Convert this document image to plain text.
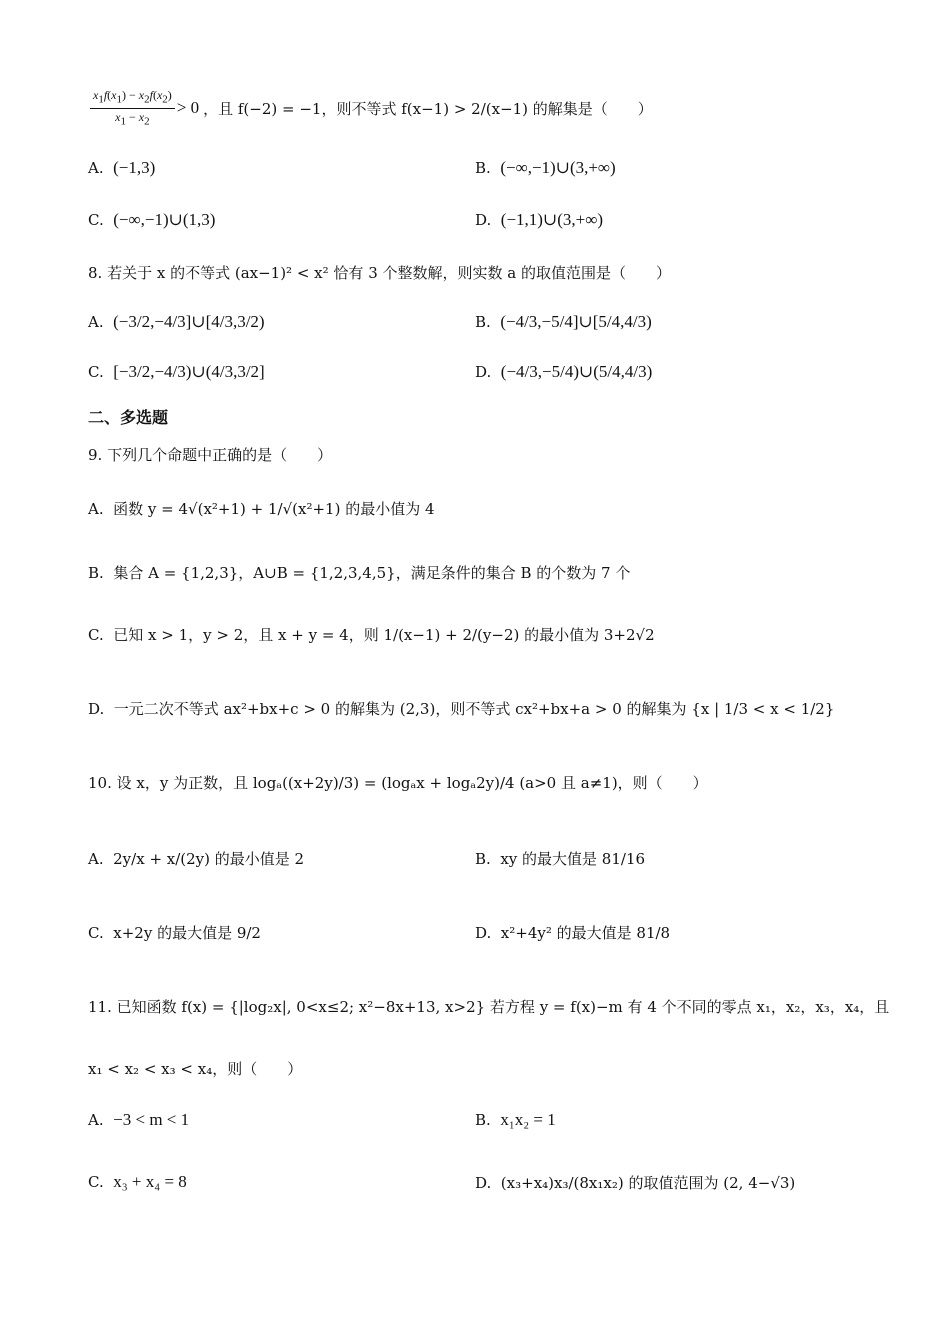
$\frac{x_1f(x_1) - x_2f(x_2)}{x_1 - x_2} > 0$ ，且 f(−2) = −1，则不等式 f(x−1) > 2/(x−1) 的解集是（　　）
A. (−1,3)	B. (−∞,−1)∪(3,+∞)
C. (−∞,−1)∪(1,3)	D. (−1,1)∪(3,+∞)
8. 若关于 x 的不等式 (ax−1)² < x² 恰有 3 个整数解，则实数 a 的取值范围是（　　）
A. (−3/2,−4/3]∪[4/3,3/2)	B. (−4/3,−5/4]∪[5/4,4/3)
C. [−3/2,−4/3)∪(4/3,3/2]	D. (−4/3,−5/4)∪(5/4,4/3)
二、多选题
9. 下列几个命题中正确的是（　　）
A. 函数 y = 4√(x²+1) + 1/√(x²+1) 的最小值为 4
B. 集合 A = {1,2,3}，A∪B = {1,2,3,4,5}，满足条件的集合 B 的个数为 7 个
C. 已知 x > 1，y > 2，且 x + y = 4，则 1/(x−1) + 2/(y−2) 的最小值为 3+2√2
D. 一元二次不等式 ax²+bx+c > 0 的解集为 (2,3)，则不等式 cx²+bx+a > 0 的解集为 {x | 1/3 < x < 1/2}
10. 设 x，y 为正数，且 logₐ((x+2y)/3) = (logₐx + logₐ2y)/4 (a>0 且 a≠1)，则（　　）
A. 2y/x + x/(2y) 的最小值是 2	B. xy 的最大值是 81/16
C. x+2y 的最大值是 9/2	D. x²+4y² 的最大值是 81/8
11. 已知函数 f(x) = {|log₂x|, 0<x≤2; x²−8x+13, x>2} 若方程 y = f(x)−m 有 4 个不同的零点 x₁，x₂，x₃，x₄，且
x₁ < x₂ < x₃ < x₄，则（　　）
A. −3 < m < 1	B. x₁x₂ = 1
C. x₃ + x₄ = 8	D. (x₃+x₄)x₃/(8x₁x₂) 的取值范围为 (2, 4−√3)
